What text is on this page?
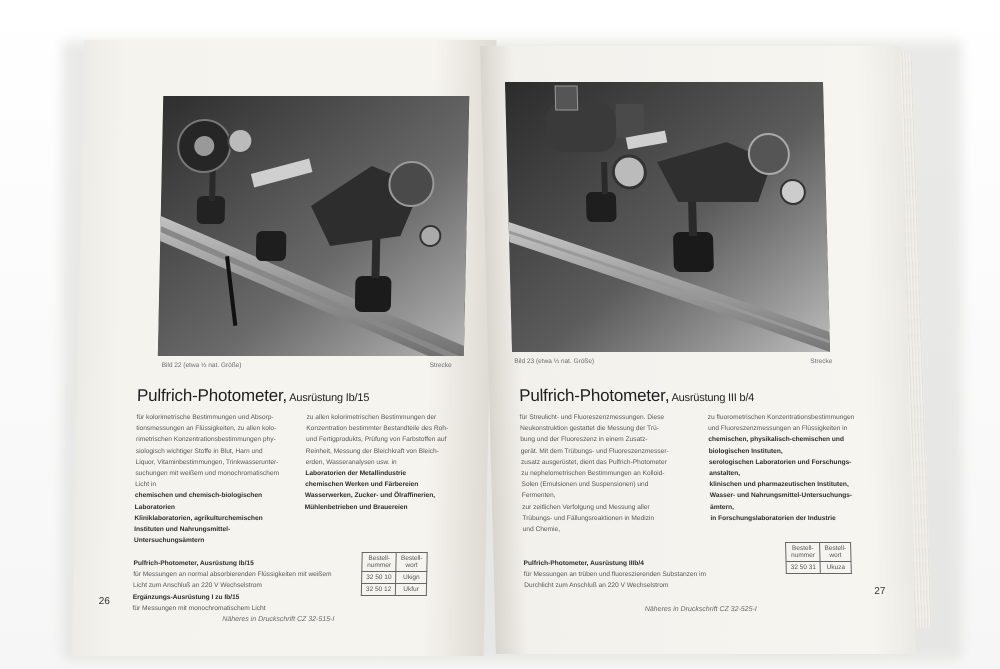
Bild 22 (etwa ½ nat. Größe)	Strecke
Pulfrich-Photometer, Ausrüstung Ib/15
für kolorimetrische Bestimmungen und Absorp-
tionsmessungen an Flüssigkeiten, zu allen kolo-
rimetrischen Konzentrationsbestimmungen phy-
siologisch wichtiger Stoffe in Blut, Harn und
Liquor, Vitaminbestimmungen, Trinkwasserunter-
suchungen mit weißem und monochromatischem
Licht in
chemischen und chemisch-biologischen
Laboratorien
Kliniklaboratorien, agrikulturchemischen
Instituten und Nahrungsmittel-
Untersuchungsämtern
zu allen kolorimetrischen Bestimmungen der
Konzentration bestimmter Bestandteile des Roh-
und Fertigprodukts, Prüfung von Farbstoffen auf
Reinheit, Messung der Bleichkraft von Bleich-
erden, Wasseranalysen usw. in
Laboratorien der Metallindustrie
chemischen Werken und Färbereien
Wasserwerken, Zucker- und Ölraffinerien,
Mühlenbetrieben und Brauereien
Pulfrich-Photometer, Ausrüstung Ib/15
für Messungen an normal absorbierenden Flüssigkeiten mit weißem
Licht zum Anschluß an 220 V Wechselstrom
Ergänzungs-Ausrüstung I zu Ib/15
für Messungen mit monochromatischem Licht
Bestell-
nummer	Bestell-
wort
32 50 10	Ukign
32 50 12	Ukfur
Näheres in Druckschrift CZ 32-515-I
26
Bild 23 (etwa ⅓ nat. Größe)	Strecke
Pulfrich-Photometer, Ausrüstung III b/4
für Streulicht- und Fluoreszenzmessungen. Diese
Neukonstruktion gestattet die Messung der Trü-
bung und der Fluoreszenz in einem Zusatz-
gerät. Mit dem Trübungs- und Fluoreszenzmesser-
zusatz ausgerüstet, dient das Pulfrich-Photometer
zu nephelometrischen Bestimmungen an Kolloid-
Solen (Emulsionen und Suspensionen) und
Fermenten,
zur zeitlichen Verfolgung und Messung aller
Trübungs- und Fällungsreaktionen in Medizin
und Chemie,
zu fluorometrischen Konzentrationsbestimmungen
und Fluoreszenzmessungen an Flüssigkeiten in
chemischen, physikalisch-chemischen und
biologischen Instituten,
serologischen Laboratorien und Forschungs-
anstalten,
klinischen und pharmazeutischen Instituten,
Wasser- und Nahrungsmittel-Untersuchungs-
ämtern,
in Forschungslaboratorien der Industrie
Pulfrich-Photometer, Ausrüstung IIIb/4
für Messungen an trüben und fluoreszierenden Substanzen im
Durchlicht zum Anschluß an 220 V Wechselstrom
Bestell-
nummer	Bestell-
wort
32 50 31	Ukuza
Näheres in Druckschrift CZ 32-525-I
27
